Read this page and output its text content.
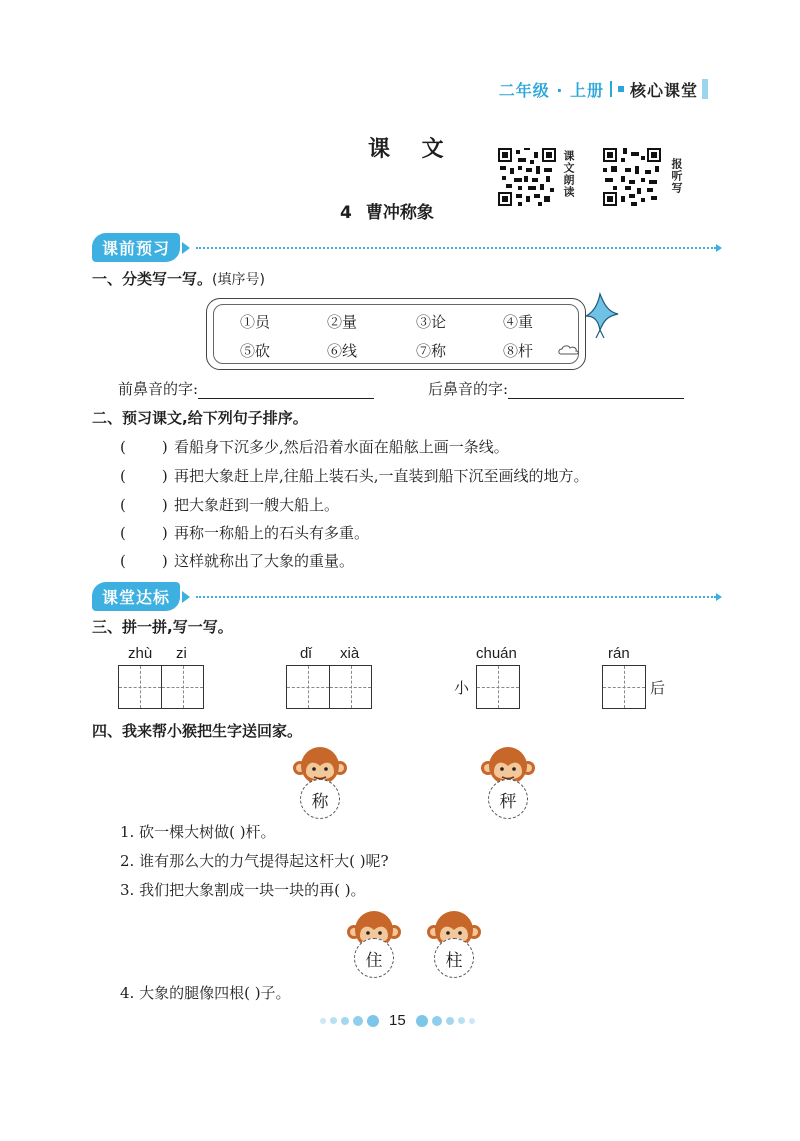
二年级 · 上册 核心课堂
课 文
4 曹冲称象
课文朗读	报听写
课前预习
一、分类写一写。(填序号)
①员	②量	③论	④重
⑤砍	⑥线	⑦称	⑧杆
前鼻音的字:	后鼻音的字:
二、预习课文,给下列句子排序。
( ) 看船身下沉多少,然后沿着水面在船舷上画一条线。
( ) 再把大象赶上岸,往船上装石头,一直装到船下沉至画线的地方。
( ) 把大象赶到一艘大船上。
( ) 再称一称船上的石头有多重。
( ) 这样就称出了大象的重量。
课堂达标
三、拼一拼,写一写。
zhù zi	dǐ xià	chuán
小
rán
后
四、我来帮小猴把生字送回家。
称	秤
1. 砍一棵大树做( )杆。
2. 谁有那么大的力气提得起这杆大( )呢?
3. 我们把大象割成一块一块的再( )。
住	柱
4. 大象的腿像四根( )子。
15
